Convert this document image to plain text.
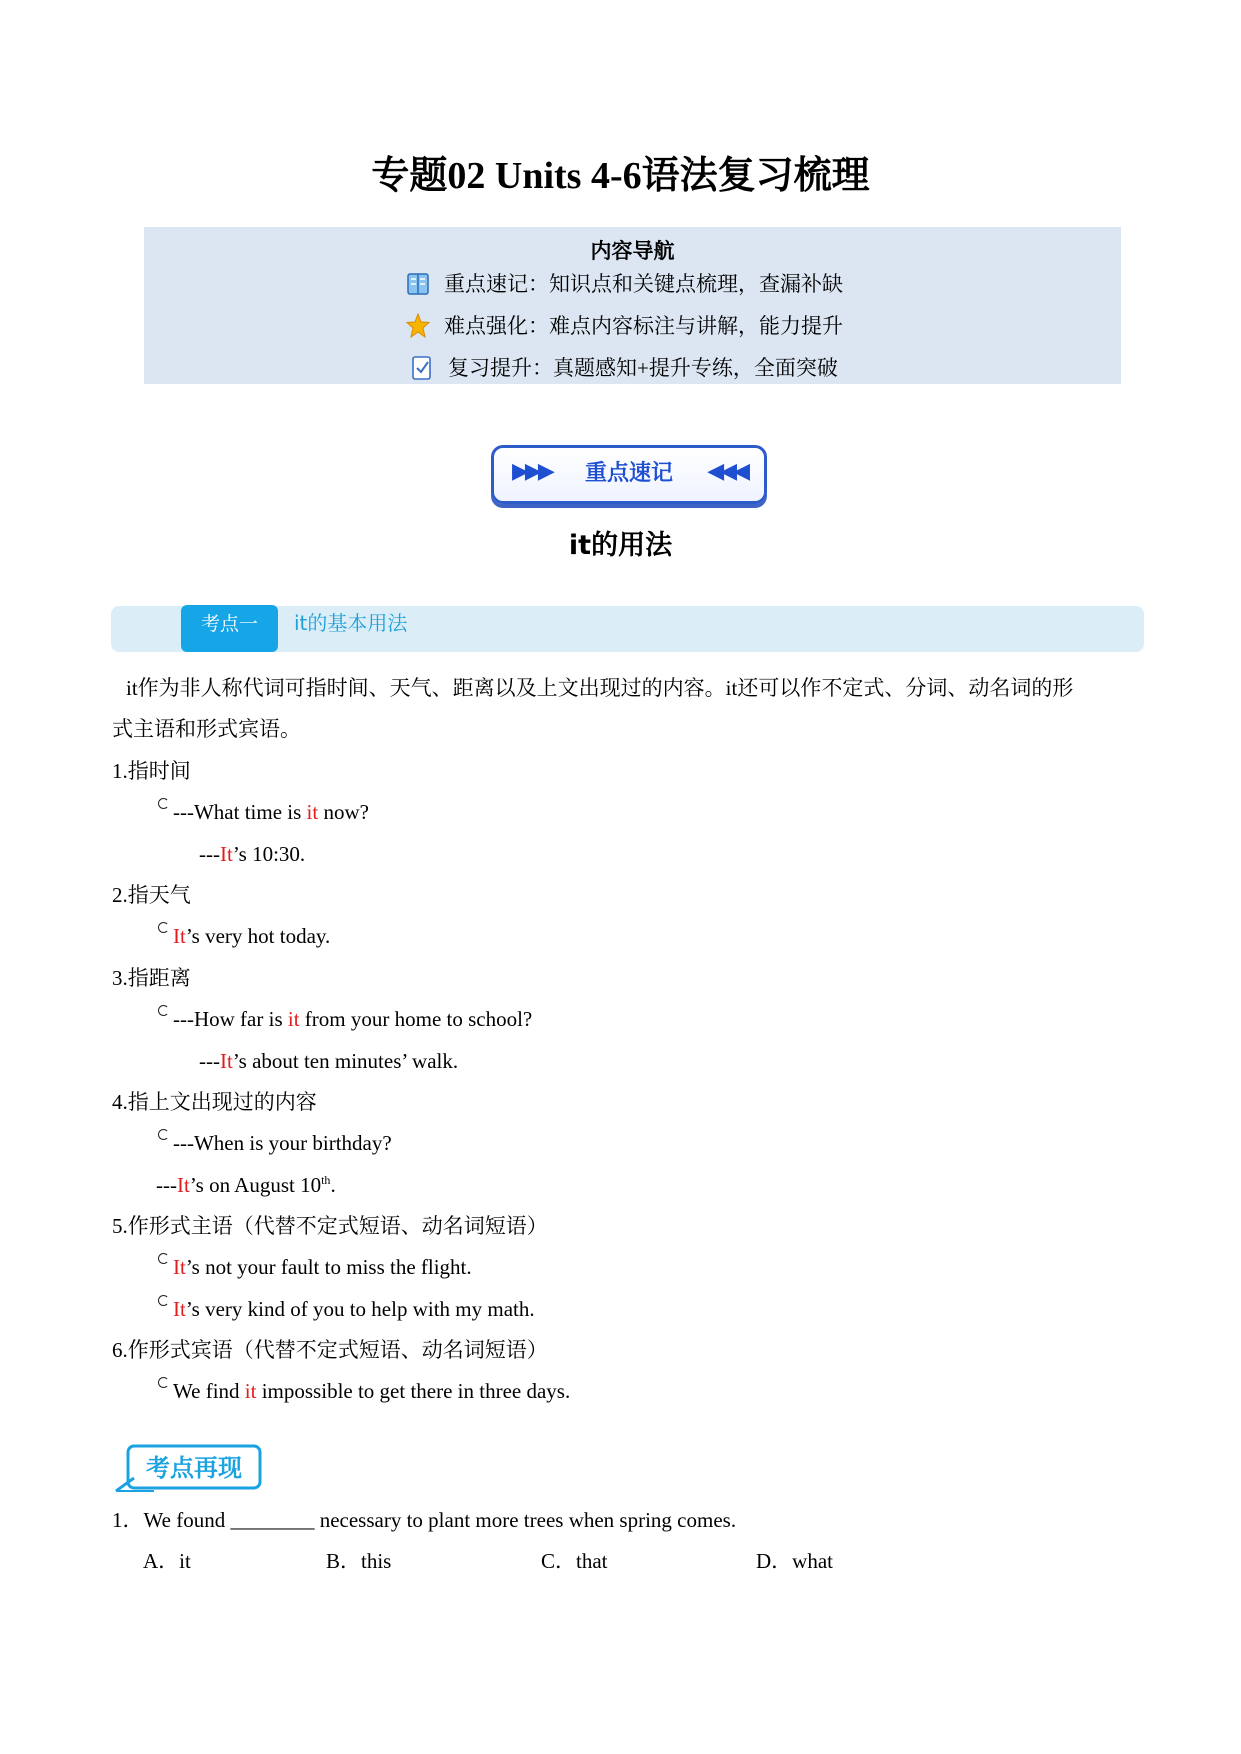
专题02 Units 4-6语法复习梳理
内容导航
重点速记：知识点和关键点梳理，查漏补缺
难点强化：难点内容标注与讲解，能力提升
复习提升：真题感知+提升专练，全面突破
▶▶▶	重点速记	◀◀◀
it的用法
考点一	it的基本用法
it作为非人称代词可指时间、天气、距离以及上文出现过的内容。it还可以作不定式、分词、动名词的形
式主语和形式宾语。
1.指时间
---What time is it now?
---It’s 10:30.
2.指天气
It’s very hot today.
3.指距离
---How far is it from your home to school?
---It’s about ten minutes’ walk.
4.指上文出现过的内容
---When is your birthday?
---It’s on August 10th.
5.作形式主语（代替不定式短语、动名词短语）
It’s not your fault to miss the flight.
It’s very kind of you to help with my math.
6.作形式宾语（代替不定式短语、动名词短语）
We find it impossible to get there in three days.
考点再现
1．We found ________ necessary to plant more trees when spring comes.
A．it	B．this	C．that	D．what
